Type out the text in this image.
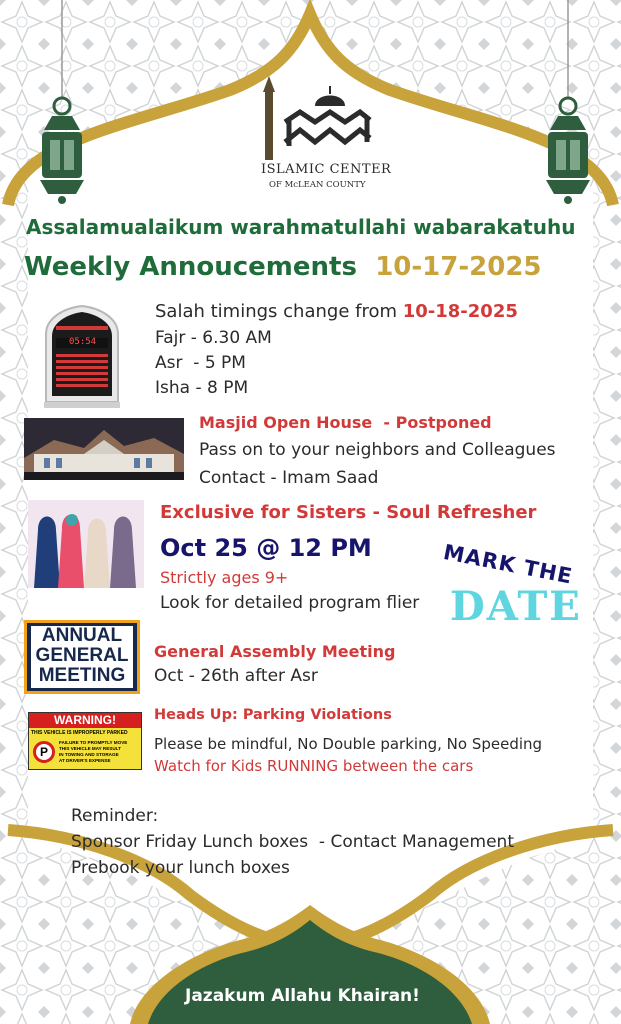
ISLAMIC CENTER
OF McLEAN COUNTY
Assalamualaikum warahmatullahi wabarakatuhu
Weekly Annoucements 10-17-2025
05:54
Salah timings change from 10-18-2025
Fajr - 6.30 AM
Asr  - 5 PM
Isha - 8 PM
Masjid Open House  - Postponed
Pass on to your neighbors and Colleagues
Contact - Imam Saad
Exclusive for Sisters - Soul Refresher
Oct 25 @ 12 PM
Strictly ages 9+
Look for detailed program flier
MARK THE
DATE
ANNUAL
GENERAL
MEETING
General Assembly Meeting
Oct - 26th after Asr
WARNING!
THIS VEHICLE IS IMPROPERLY PARKED
P
FAILURE TO PROMPTLY MOVE
THIS VEHICLE MAY RESULT
IN TOWING AND STORAGE
AT DRIVER'S EXPENSE
Heads Up: Parking Violations
Please be mindful, No Double parking, No Speeding
Watch for Kids RUNNING between the cars
Reminder:
Sponsor Friday Lunch boxes  - Contact Management
Prebook your lunch boxes
Jazakum Allahu Khairan!
